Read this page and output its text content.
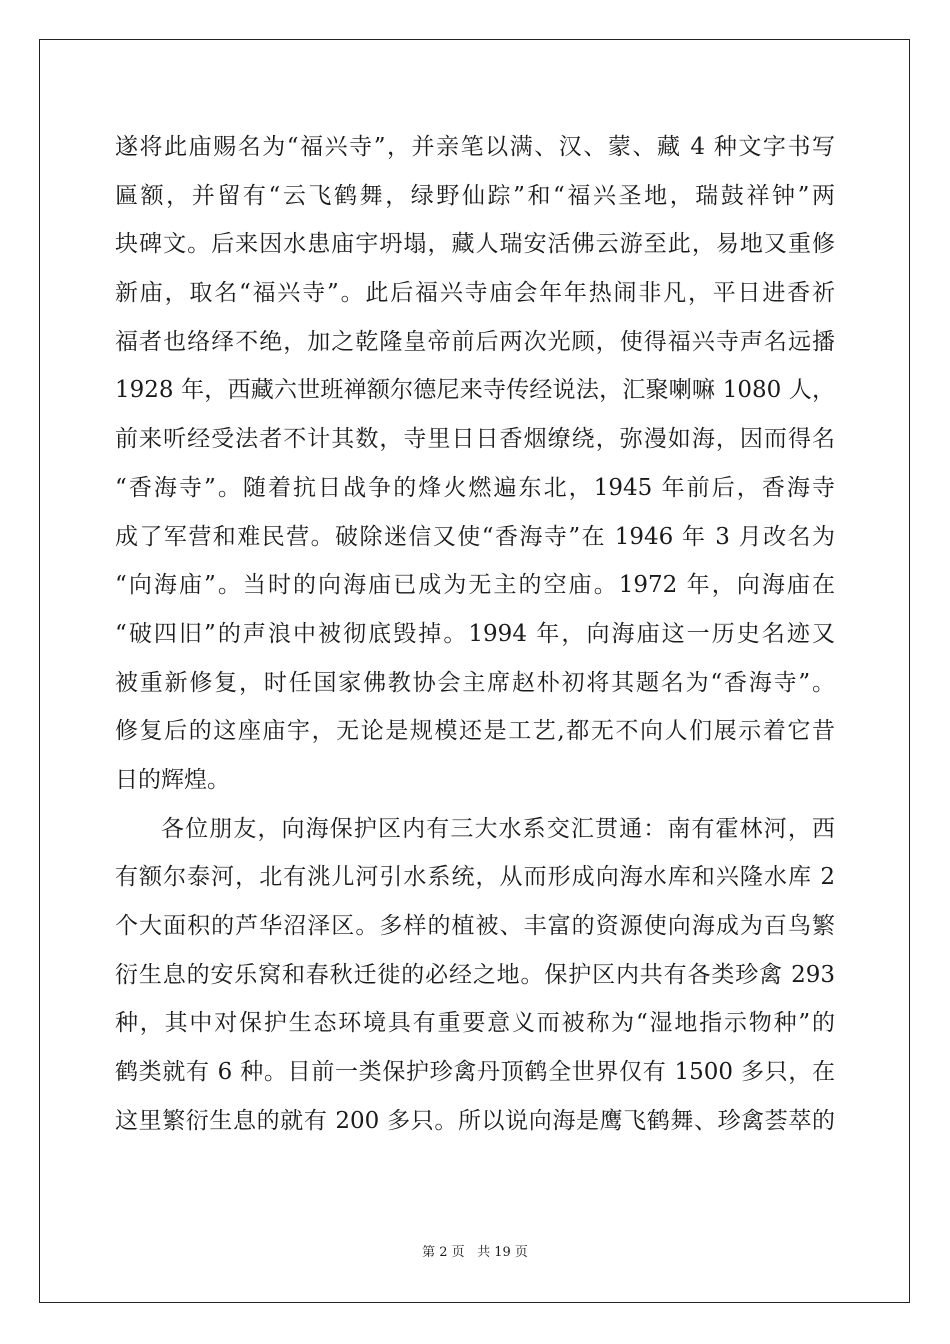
遂将此庙赐名为“福兴寺”，并亲笔以满、汉、蒙、藏 4 种文字书写
匾额，并留有“云飞鹤舞，绿野仙踪”和“福兴圣地，瑞鼓祥钟”两
块碑文。后来因水患庙宇坍塌，藏人瑞安活佛云游至此，易地又重修
新庙，取名“福兴寺”。此后福兴寺庙会年年热闹非凡，平日进香祈
福者也络绎不绝，加之乾隆皇帝前后两次光顾，使得福兴寺声名远播
1928 年，西藏六世班禅额尔德尼来寺传经说法，汇聚喇嘛 1080 人，
前来听经受法者不计其数，寺里日日香烟缭绕，弥漫如海，因而得名
“香海寺”。随着抗日战争的烽火燃遍东北，1945 年前后，香海寺
成了军营和难民营。破除迷信又使“香海寺”在 1946 年 3 月改名为
“向海庙”。当时的向海庙已成为无主的空庙。1972 年，向海庙在
“破四旧”的声浪中被彻底毁掉。1994 年，向海庙这一历史名迹又
被重新修复，时任国家佛教协会主席赵朴初将其题名为“香海寺”。
修复后的这座庙宇，无论是规模还是工艺,都无不向人们展示着它昔
日的辉煌。
各位朋友，向海保护区内有三大水系交汇贯通：南有霍林河，西
有额尔泰河，北有洮儿河引水系统，从而形成向海水库和兴隆水库 2
个大面积的芦华沼泽区。多样的植被、丰富的资源使向海成为百鸟繁
衍生息的安乐窝和春秋迁徙的必经之地。保护区内共有各类珍禽 293
种，其中对保护生态环境具有重要意义而被称为“湿地指示物种”的
鹤类就有 6 种。目前一类保护珍禽丹顶鹤全世界仅有 1500 多只，在
这里繁衍生息的就有 200 多只。所以说向海是鹰飞鹤舞、珍禽荟萃的
第 2 页 共 19 页
